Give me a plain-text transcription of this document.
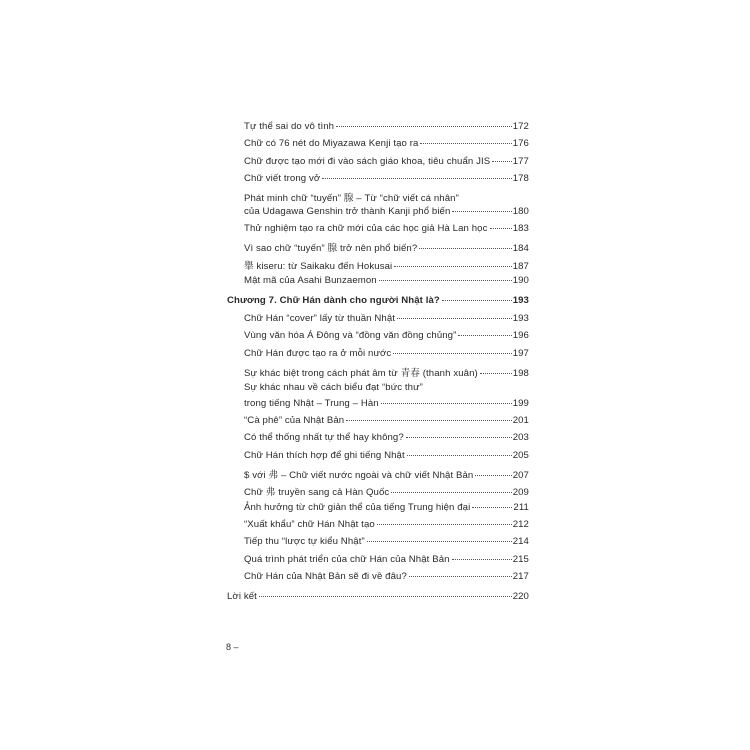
Tự thể sai do vô tình	172
Chữ có 76 nét do Miyazawa Kenji tạo ra	176
Chữ được tạo mới đi vào sách giáo khoa, tiêu chuẩn JIS 177
Chữ viết trong vở	178
Phát minh chữ “tuyến” 腺 – Từ “chữ viết cá nhân”
của Udagawa Genshin trở thành Kanji phổ biến	180
Thử nghiệm tạo ra chữ mới của các học giả Hà Lan học	183
Vì sao chữ “tuyến” 腺 trở nên phổ biến?	184
𦦙 kiseru: từ Saikaku đến Hokusai	187
Mật mã của Asahi Bunzaemon	190
Chương 7. Chữ Hán dành cho người Nhật là?	193
Chữ Hán “cover” lấy từ thuần Nhật	193
Vùng văn hóa Á Đông và “đồng văn đồng chủng”	196
Chữ Hán được tạo ra ở mỗi nước	197
Sự khác biệt trong cách phát âm từ 青春 (thanh xuân)	198
Sự khác nhau về cách biểu đạt “bức thư”
trong tiếng Nhật – Trung – Hàn	199
“Cà phê” của Nhật Bản	201
Có thể thống nhất tự thể hay không?	203
Chữ Hán thích hợp để ghi tiếng Nhật	205
$ với 弗 – Chữ viết nước ngoài và chữ viết Nhật Bản	207
Chữ 弗 truyền sang cả Hàn Quốc	209
Ảnh hưởng từ chữ giản thể của tiếng Trung hiện đại	211
“Xuất khẩu” chữ Hán Nhật tạo	212
Tiếp thu “lược tự kiểu Nhật”	214
Quá trình phát triển của chữ Hán của Nhật Bản	215
Chữ Hán của Nhật Bản sẽ đi về đâu?	217
Lời kết	220
8 –
